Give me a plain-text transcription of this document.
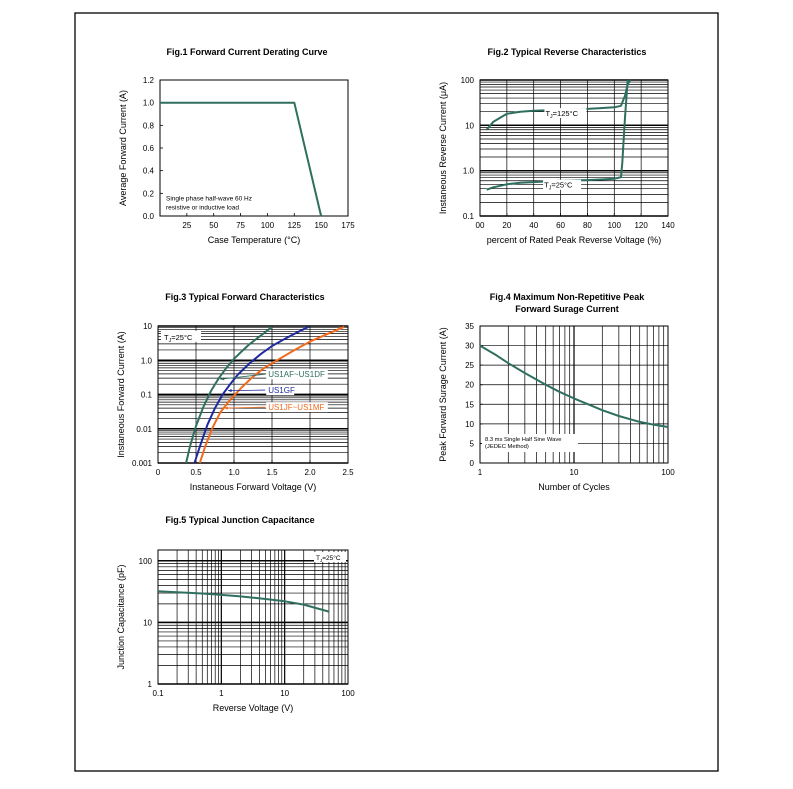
Fig.1 Forward Current Derating Curve
25 50 75 100 125 150 175
0.0
0.2
0.4
0.6
0.8
1.0
1.2
Case Temperature (°C)
Average Forward Current (A)	Single phase half-wave 60 Hz
resistive or inductive load
Fig.2 Typical Reverse Characteristics
00 20 40 60 80 100 120 140
0.1
1.0
10
100
percent of Rated Peak Reverse Voltage (%)
Instaneous Reverse Current (μA)	$T_J=125^\circ C$
$T_J=25^\circ C$
Fig.3 Typical Forward Characteristics
0	0.5	1.0	1.5	2.0	2.5
0.001
0.01
0.1
1.0
10
Instaneous Forward Voltage (V)
Instaneous Forward Current (A)	$T_J=25^\circ C$
US1AF~US1DF
US1GF
US1JF~US1MF
Fig.4 Maximum Non-Repetitive Peak
Forward Surage Current
1	10	100
0
5
10
15
20
25
30
35
Number of Cycles
Peak Forward Surage Current (A)	8.3 ms Single Half Sine Wave
(JEDEC Method)
Fig.5 Typical Junction Capacitance
0.1	1	10	100
1
10
100
Reverse Voltage (V)
Junction Capacitance (pF)
$T_J=25^\circ C$
